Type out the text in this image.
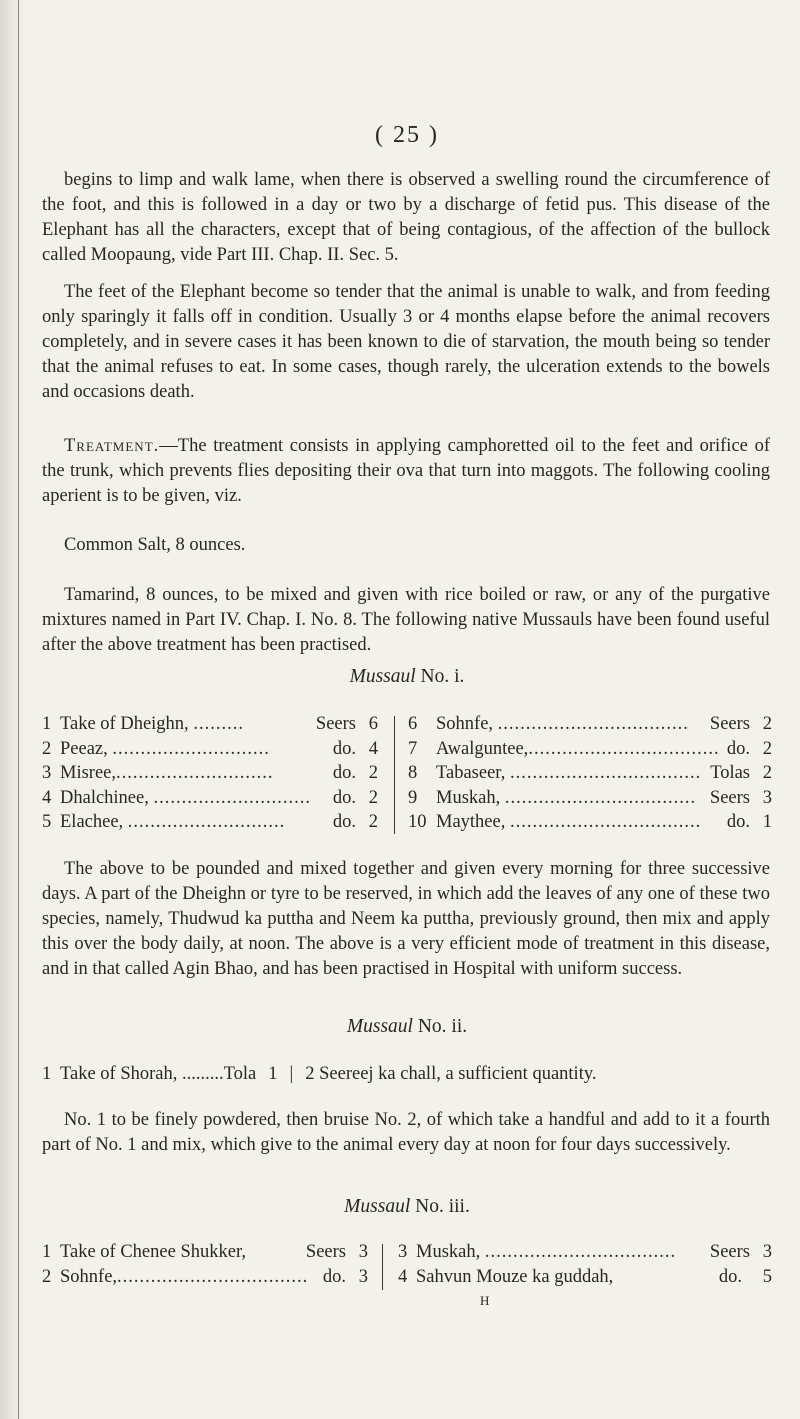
( 25 )

begins to limp and walk lame, when there is observed a swelling round the circumference of the foot, and this is followed in a day or two by a discharge of fetid pus. This disease of the Elephant has all the characters, except that of being contagious, of the affection of the bullock called Moopaung, vide Part III. Chap. II. Sec. 5.

The feet of the Elephant become so tender that the animal is unable to walk, and from feeding only sparingly it falls off in condition. Usually 3 or 4 months elapse before the animal recovers completely, and in severe cases it has been known to die of starvation, the mouth being so tender that the animal refuses to eat. In some cases, though rarely, the ulceration extends to the bowels and occasions death.

Treatment.—The treatment consists in applying camphoretted oil to the feet and orifice of the trunk, which prevents flies depositing their ova that turn into maggots. The following cooling aperient is to be given, viz.

Common Salt, 8 ounces.

Tamarind, 8 ounces, to be mixed and given with rice boiled or raw, or any of the purgative mixtures named in Part IV. Chap. I. No. 8. The following native Mussauls have been found useful after the above treatment has been practised.

Mussaul No. i.
1 Take of Dheighn, .........	Seers 6
2 Peeaz, ............................	do. 4
3 Misree,............................	do. 2
4 Dhalchinee, ............................	do. 2
5 Elachee, ............................	do. 2
6	Sohnfe, ..................................	Seers 2
7	Awalguntee,.................................. do. 2
8	Tabaseer, .................................. Tolas 2
9	Muskah, .................................. Seers 3
10 Maythee, ..................................	do. 1

The above to be pounded and mixed together and given every morning for three successive days. A part of the Dheighn or tyre to be reserved, in which add the leaves of any one of these two species, namely, Thudwud ka puttha and Neem ka puttha, previously ground, then mix and apply this over the body daily, at noon. The above is a very efficient mode of treatment in this disease, and in that called Agin Bhao, and has been practised in Hospital with uniform success.

Mussaul No. ii.
1 Take of Shorah, ......... Tola 1 | 2 Seereej ka chall, a sufficient quantity.

No. 1 to be finely powdered, then bruise No. 2, of which take a handful and add to it a fourth part of No. 1 and mix, which give to the animal every day at noon for four days successively.

Mussaul No. iii.
1 Take of Chenee Shukker,	Seers 3
2 Sohnfe,.................................. do. 3
3 Muskah, ..................................	Seers 3
4 Sahvun Mouze ka guddah,	do.	5
H
